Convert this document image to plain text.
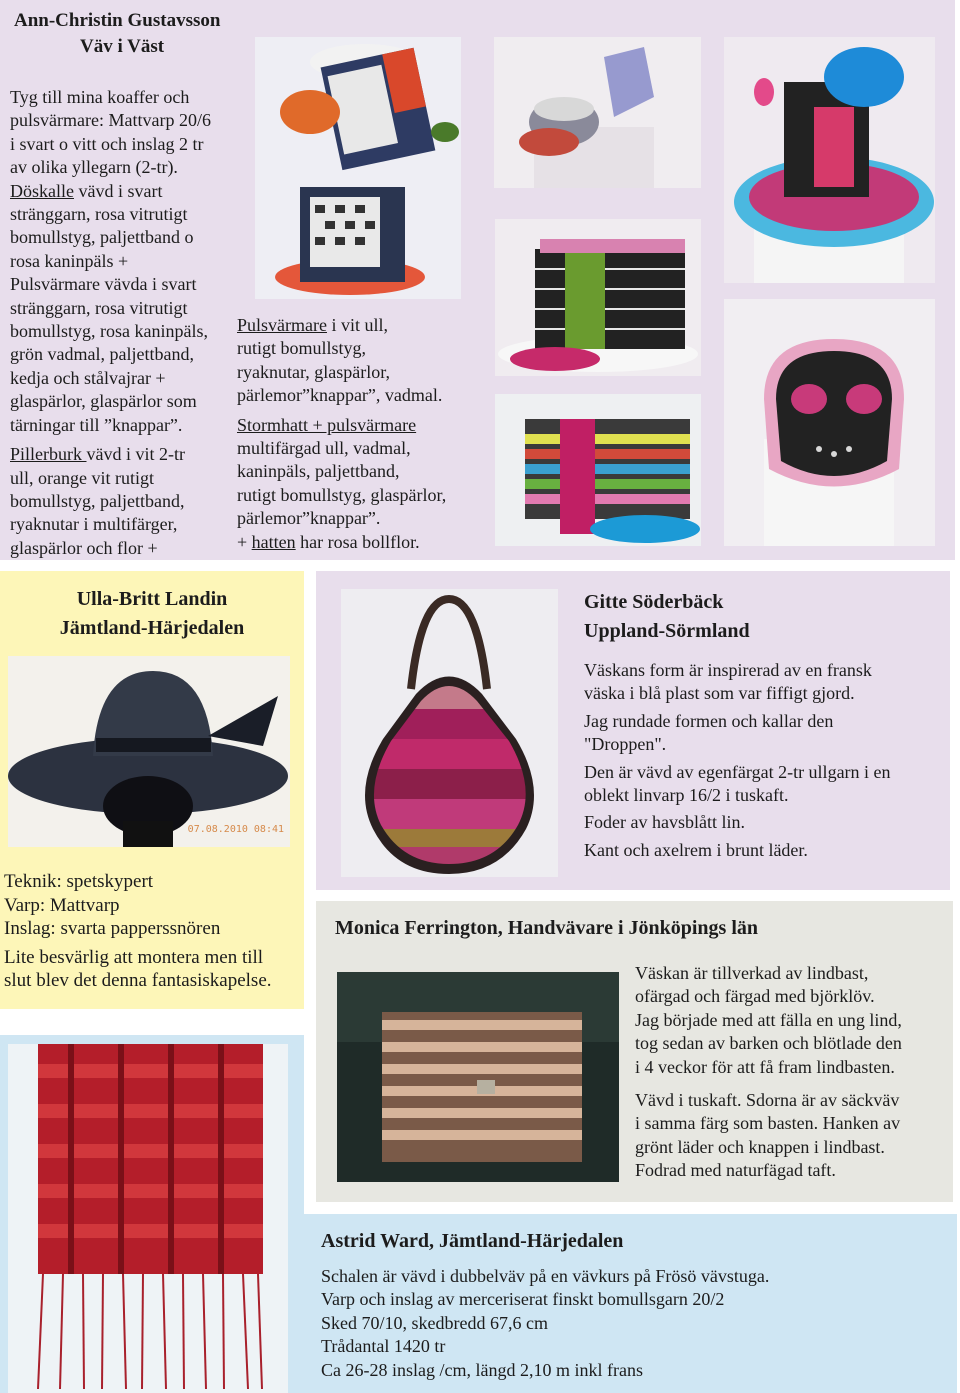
Ann-Christin Gustavsson
Väv i Väst
Tyg till mina koaffer och
pulsvärmare: Mattvarp 20/6
i svart o vitt och inslag 2 tr
av olika yllegarn (2-tr).
Döskalle vävd i svart
stränggarn, rosa vitrutigt
bomullstyg, paljettband o
rosa kaninpäls +
Pulsvärmare vävda i svart
stränggarn, rosa vitrutigt
bomullstyg, rosa kaninpäls,
grön vadmal, paljettband,
kedja och stålvajrar +
glaspärlor, glaspärlor som
tärningar till ”knappar”.
Pillerburk vävd i vit 2-tr
ull, orange vit rutigt
bomullstyg, paljettband,
ryaknutar i multifärger,
glaspärlor och flor +
Pulsvärmare i vit ull,
rutigt bomullstyg,
ryaknutar, glaspärlor,
pärlemor”knappar”, vadmal.
Stormhatt + pulsvärmare
multifärgad ull, vadmal,
kaninpäls, paljettband,
rutigt bomullstyg, glaspärlor,
pärlemor”knappar”.
+ hatten har rosa bollflor.
Ulla-Britt Landin
Jämtland-Härjedalen
07.08.2010 08:41
Teknik: spetskypert
Varp: Mattvarp
Inslag: svarta papperssnören
Lite besvärlig att montera men till
slut blev det denna fantasiskapelse.
Gitte Söderbäck
Uppland-Sörmland

Väskans form är inspirerad av en fransk
väska i blå plast som var fiffigt gjord.

Jag rundade formen och kallar den
"Droppen".

Den är vävd av egenfärgat 2-tr ullgarn i en
oblekt linvarp 16/2 i tuskaft.

Foder av havsblått lin.

Kant och axelrem i brunt läder.

Monica Ferrington, Handvävare i Jönköpings län
Väskan är tillverkad av lindbast,
ofärgad och färgad med björklöv.
Jag började med att fälla en ung lind,
tog sedan av barken och blötlade den
i 4 veckor för att få fram lindbasten.
Vävd i tuskaft. Sdorna är av säckväv
i samma färg som basten. Hanken av
grönt läder och knappen i lindbast.
Fodrad med naturfägad taft.
Astrid Ward, Jämtland-Härjedalen
Schalen är vävd i dubbelväv på en vävkurs på Frösö vävstuga.
Varp och inslag av merceriserat finskt bomullsgarn 20/2
Sked 70/10, skedbredd 67,6 cm
Trådantal 1420 tr
Ca 26-28 inslag /cm, längd 2,10 m inkl frans
